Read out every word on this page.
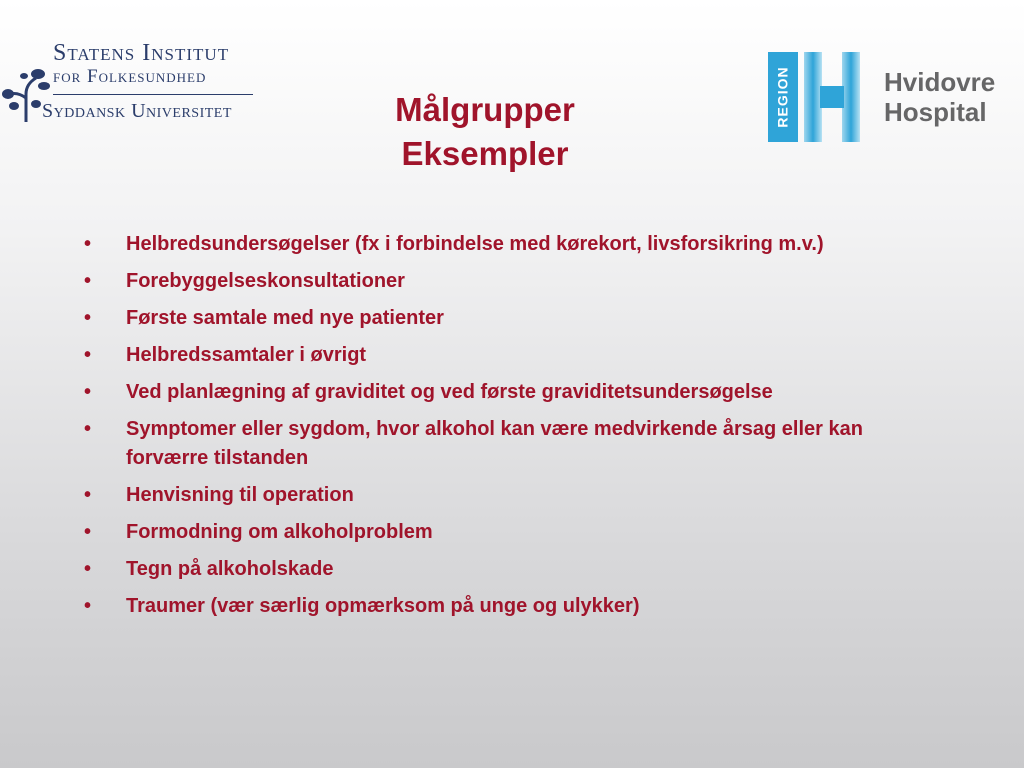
Statens Institut
for Folkesundhed
Syddansk Universitet	REGION	Hvidovre
Hospital
Målgrupper
Eksempler
• Helbredsundersøgelser (fx i forbindelse med kørekort, livsforsikring m.v.)
• Forebyggelseskonsultationer
• Første samtale med nye patienter
• Helbredssamtaler i øvrigt
• Ved planlægning af graviditet og ved første graviditetsundersøgelse
• Symptomer eller sygdom, hvor alkohol kan være medvirkende årsag eller kan forværre tilstanden
• Henvisning til operation
• Formodning om alkoholproblem
• Tegn på alkoholskade
• Traumer (vær særlig opmærksom på unge og ulykker)
